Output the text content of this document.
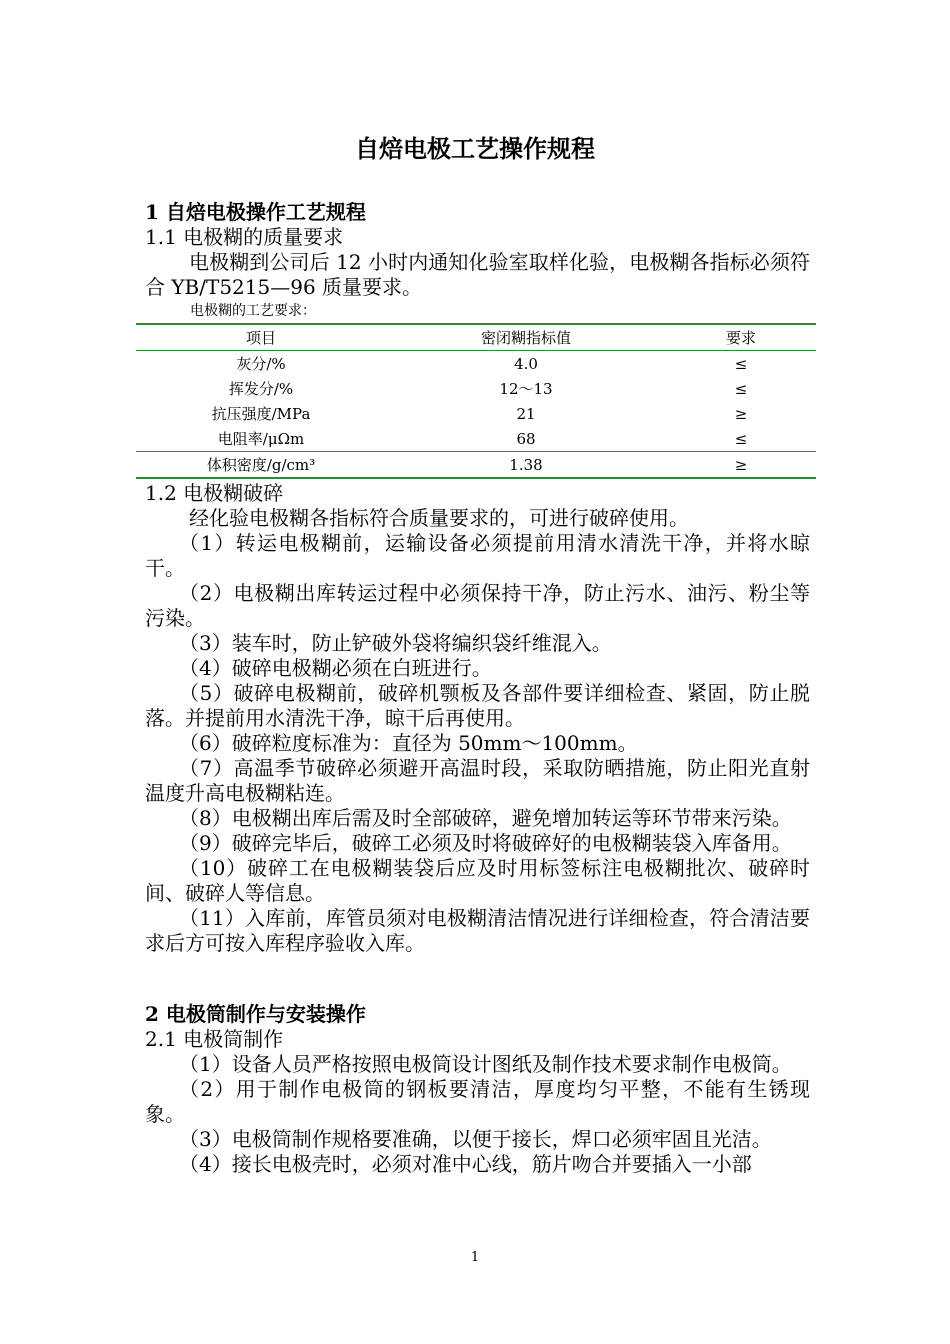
自焙电极工艺操作规程
1 自焙电极操作工艺规程
1.1 电极糊的质量要求

电极糊到公司后 12 小时内通知化验室取样化验，电极糊各指标必须符合 YB/T5215—96 质量要求。

电极糊的工艺要求：
项目	密闭糊指标值	要求
灰分/%	4.0	≤
挥发分/%	12～13	≤
抗压强度/MPa	21	≥
电阻率/μΩm	68	≤
体积密度/g/cm³	1.38	≥
1.2 电极糊破碎

经化验电极糊各指标符合质量要求的，可进行破碎使用。

（1）转运电极糊前，运输设备必须提前用清水清洗干净，并将水晾干。

（2）电极糊出库转运过程中必须保持干净，防止污水、油污、粉尘等污染。

（3）装车时，防止铲破外袋将编织袋纤维混入。

（4）破碎电极糊必须在白班进行。

（5）破碎电极糊前，破碎机颚板及各部件要详细检查、紧固，防止脱落。并提前用水清洗干净，晾干后再使用。

（6）破碎粒度标准为：直径为 50mm～100mm。

（7）高温季节破碎必须避开高温时段，采取防晒措施，防止阳光直射温度升高电极糊粘连。

（8）电极糊出库后需及时全部破碎，避免增加转运等环节带来污染。

（9）破碎完毕后，破碎工必须及时将破碎好的电极糊装袋入库备用。

（10）破碎工在电极糊装袋后应及时用标签标注电极糊批次、破碎时间、破碎人等信息。

（11）入库前，库管员须对电极糊清洁情况进行详细检查，符合清洁要求后方可按入库程序验收入库。

2 电极筒制作与安装操作
2.1 电极筒制作

（1）设备人员严格按照电极筒设计图纸及制作技术要求制作电极筒。

（2）用于制作电极筒的钢板要清洁，厚度均匀平整，不能有生锈现象。

（3）电极筒制作规格要准确，以便于接长，焊口必须牢固且光洁。

（4）接长电极壳时，必须对准中心线，筋片吻合并要插入一小部

1
